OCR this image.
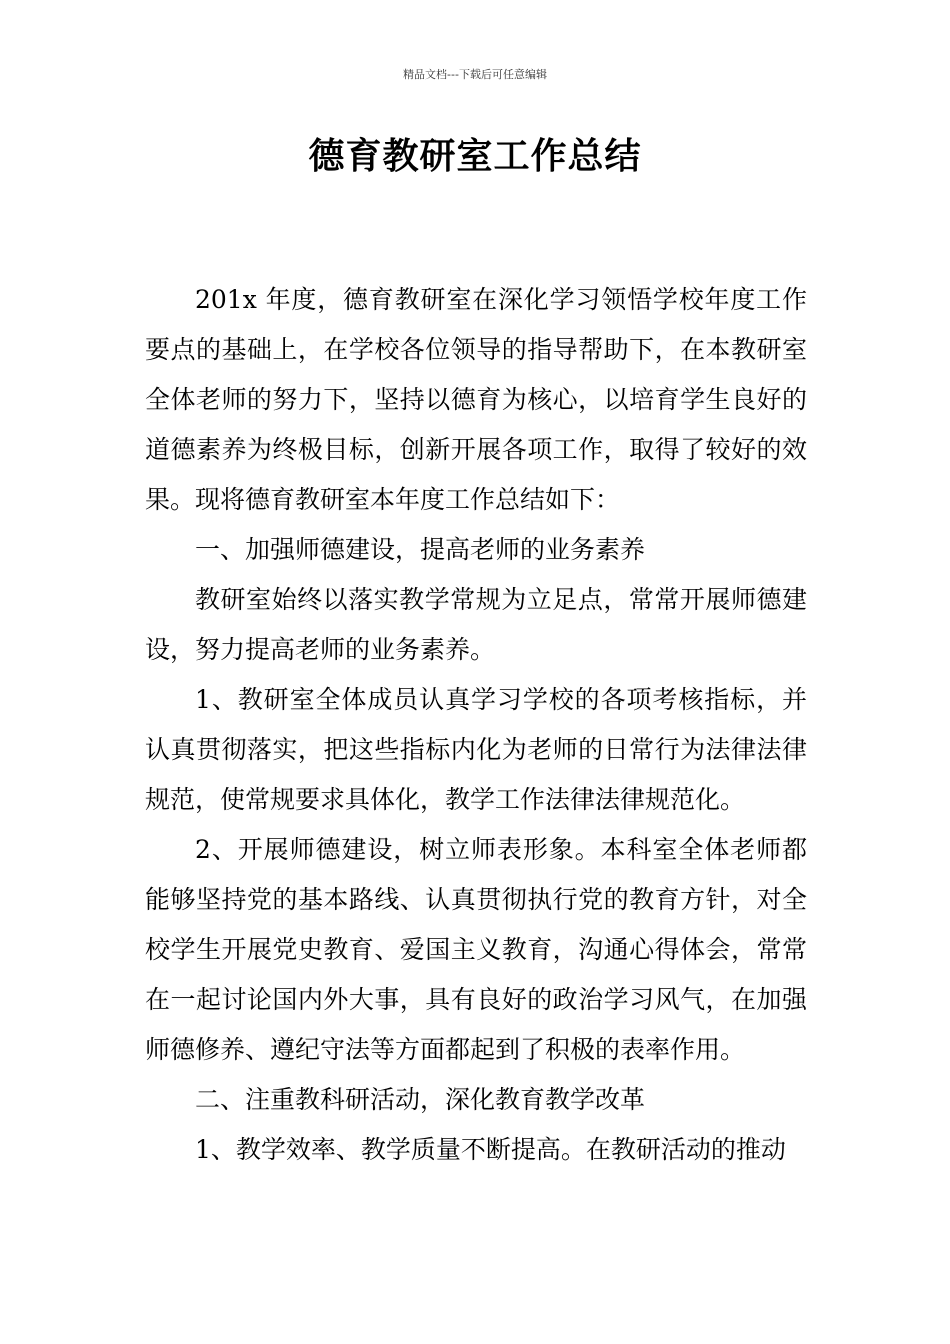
精品文档---下载后可任意编辑
德育教研室工作总结

201x 年度，德育教研室在深化学习领悟学校年度工作要点的基础上，在学校各位领导的指导帮助下，在本教研室全体老师的努力下，坚持以德育为核心，以培育学生良好的道德素养为终极目标，创新开展各项工作，取得了较好的效果。现将德育教研室本年度工作总结如下：

一、加强师德建设，提高老师的业务素养

教研室始终以落实教学常规为立足点，常常开展师德建设，努力提高老师的业务素养。

1、教研室全体成员认真学习学校的各项考核指标，并认真贯彻落实，把这些指标内化为老师的日常行为法律法律规范，使常规要求具体化，教学工作法律法律规范化。

2、开展师德建设，树立师表形象。本科室全体老师都能够坚持党的基本路线、认真贯彻执行党的教育方针，对全校学生开展党史教育、爱国主义教育，沟通心得体会，常常在一起讨论国内外大事，具有良好的政治学习风气，在加强师德修养、遵纪守法等方面都起到了积极的表率作用。

二、注重教科研活动，深化教育教学改革

1、教学效率、教学质量不断提高。在教研活动的推动
